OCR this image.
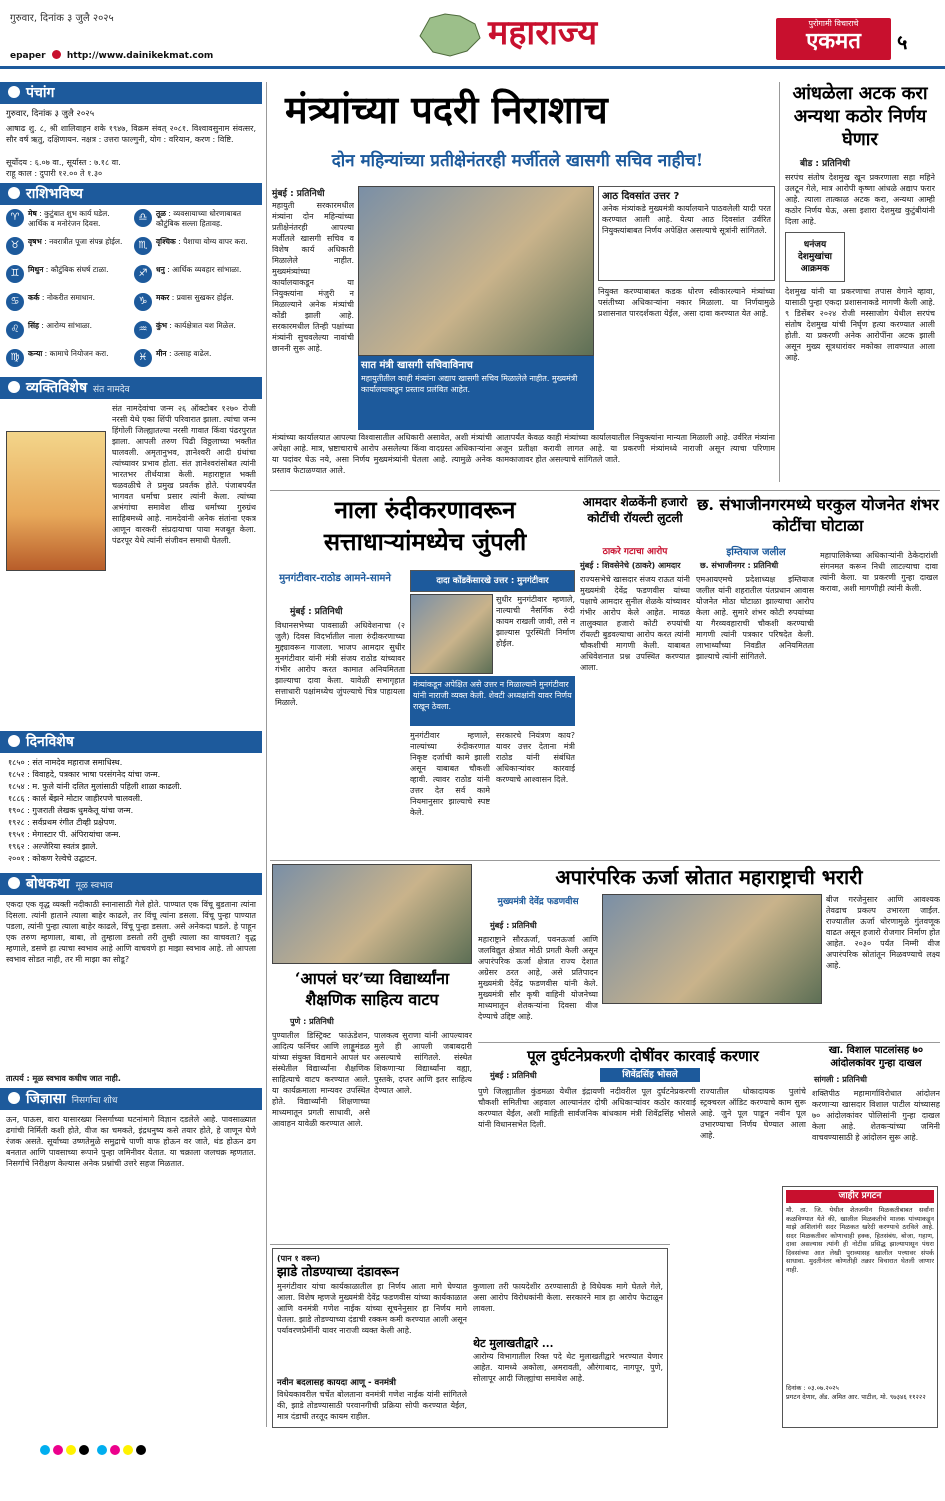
गुरुवार, दिनांक ३ जुलै २०२५
epaper http://www.dainikekmat.com
महाराज्य	पुरोगामी विचाराचे
एकमत	५
पंचांग
गुरुवार, दिनांक ३ जुलै २०२५
आषाढ शु. ८, श्री शालिवाहन शके १९४७, विक्रम संवत् २०८१. विश्वावसुनाम संवत्सर, सौर वर्ष ऋतु, दक्षिणायन. नक्षत्र : उत्तरा फाल्गुनी, योग : वरियान, करण : विष्टि.
सूर्योदय : ६.०७ वा., सूर्यास्त : ७.१८ वा.
राहू काल : दुपारी १२.०० ते १.३०
राशिभविष्य
♈	मेष : कुटुंबात शुभ कार्य घडेल. आर्थिक व मनोरंजन दिवस.	♎	तूळ : व्यवसायाच्या धोरणाबाबत कौटुंबिक सल्ला हितावह.
♉	वृषभ : नवरात्रीत पूजा संपन्न होईल.	♏	वृश्चिक : पैशाचा योग्य वापर करा.
♊	मिथुन : कौटुंबिक संघर्ष टाळा.	♐	धनु : आर्थिक व्यवहार सांभाळा.
♋	कर्क : नोकरीत समाधान.	♑	मकर : प्रवास सुखकर होईल.
♌	सिंह : आरोग्य सांभाळा.	♒	कुंभ : कार्यक्षेत्रात यश मिळेल.
♍	कन्या : कामाचे नियोजन करा.	♓	मीन : उत्साह वाढेल.
व्यक्तिविशेष संत नामदेव
संत नामदेवांचा जन्म २६ ऑक्टोबर १२७० रोजी नरसी येथे एका शिंपी परिवारात झाला. त्यांचा जन्म हिंगोली जिल्ह्यातल्या नरसी गावात किंवा पंढरपुरात झाला. आपली तरुण पिढी विठ्ठलाच्या भक्तीत घालवली. अमृतानुभव, ज्ञानेश्वरी आदी ग्रंथांचा त्यांच्यावर प्रभाव होता. संत ज्ञानेश्वरांसोबत त्यांनी भारतभर तीर्थयात्रा केली. महाराष्ट्रात भक्ती चळवळीचे ते प्रमुख प्रवर्तक होते. पंजाबपर्यंत भागवत धर्माचा प्रसार त्यांनी केला. त्यांच्या अभंगांचा समावेश शीख धर्माच्या गुरुग्रंथ साहिबमध्ये आहे. नामदेवांनी अनेक संतांना एकत्र आणून वारकरी संप्रदायाचा पाया मजबूत केला. पंढरपूर येथे त्यांनी संजीवन समाधी घेतली.
दिनविशेष
१८५० : संत नामदेव महाराज समाधिस्थ.
१८५२ : विवाहदे, पत्रकार भाषा परसंगनेद यांचा जन्म.
१८५४ : म. फुले यांनी दलित मुलांसाठी पहिली शाळा काढली.
१८८६ : कार्ल बेंझने मोटार जाहीरपणे चालवली.
१९०८ : गुजराती लेखक धुमकेतू यांचा जन्म.
१९२८ : सर्वप्रथम रंगीत टीव्ही प्रक्षेपण.
१९५१ : मेगास्टार पी. अंपिरायांचा जन्म.
१९६२ : अल्जेरिया स्वतंत्र झाले.
२००१ : कोकण रेल्वेचे उद्घाटन.
बोधकथा मूळ स्वभाव
एकदा एक वृद्ध व्यक्ती नदीकाठी स्नानासाठी गेले होते. पाण्यात एक विंचू बुडताना त्यांना दिसला. त्यांनी हाताने त्याला बाहेर काढले, तर विंचू त्यांना डसला. विंचू पुन्हा पाण्यात पडला, त्यांनी पुन्हा त्याला बाहेर काढले, विंचू पुन्हा डसला. असे अनेकदा घडले. हे पाहून एक तरुण म्हणाला, बाबा, तो तुम्हाला डसतो तरी तुम्ही त्याला का वाचवता? वृद्ध म्हणाले, डसणे हा त्याचा स्वभाव आहे आणि वाचवणे हा माझा स्वभाव आहे. तो आपला स्वभाव सोडत नाही, तर मी माझा का सोडू?
तात्पर्य : मूळ स्वभाव कधीच जात नाही.
जिज्ञासा निसर्गाचा शोध
ऊन, पाऊस, वारा यासारख्या निसर्गाच्या घटनांमागे विज्ञान दडलेले आहे. पावसाळ्यात ढगांची निर्मिती कशी होते, वीज का चमकते, इंद्रधनुष्य कसे तयार होते, हे जाणून घेणे रंजक असते. सूर्याच्या उष्णतेमुळे समुद्राचे पाणी वाफ होऊन वर जाते, थंड होऊन ढग बनतात आणि पावसाच्या रूपाने पुन्हा जमिनीवर येतात. या चक्राला जलचक्र म्हणतात. निसर्गाचे निरीक्षण केल्यास अनेक प्रश्नांची उत्तरे सहज मिळतात.
मंत्र्यांच्या पदरी निराशाच
दोन महिन्यांच्या प्रतीक्षेनंतरही मर्जीतले खासगी सचिव नाहीच!
मुंबई : प्रतिनिधी
महायुती सरकारमधील मंत्र्यांना दोन महिन्यांच्या प्रतीक्षेनंतरही आपल्या मर्जीतले खासगी सचिव व विशेष कार्य अधिकारी मिळालेले नाहीत. मुख्यमंत्र्यांच्या कार्यालयाकडून या नियुक्त्यांना मंजुरी न मिळाल्याने अनेक मंत्र्यांची कोंडी झाली आहे. सरकारमधील तिन्ही पक्षांच्या मंत्र्यांनी सुचवलेल्या नावांची छाननी सुरू आहे.
सात मंत्री खासगी सचिवाविनाच
महायुतीतील काही मंत्र्यांना अद्याप खासगी सचिव मिळालेले नाहीत. मुख्यमंत्री कार्यालयाकडून प्रस्ताव प्रलंबित आहेत.
आठ दिवसांत उत्तर ?
अनेक मंत्र्यांकडे मुख्यमंत्री कार्यालयाने पाठवलेली यादी परत करण्यात आली आहे. येत्या आठ दिवसांत उर्वरित नियुक्त्यांबाबत निर्णय अपेक्षित असल्याचे सूत्रांनी सांगितले.
नियुक्त करण्याबाबत कडक धोरण स्वीकारल्याने मंत्र्यांच्या पसंतीच्या अधिकाऱ्यांना नकार मिळाला. या निर्णयामुळे प्रशासनात पारदर्शकता येईल, असा दावा करण्यात येत आहे.
मंत्र्यांच्या कार्यालयात आपल्या विश्वासातील अधिकारी असावेत, अशी मंत्र्यांची अपेक्षा आहे. मात्र, भ्रष्टाचाराचे आरोप असलेल्या किंवा वादग्रस्त अधिकाऱ्यांना या पदांवर घेऊ नये, असा निर्णय मुख्यमंत्र्यांनी घेतला आहे. त्यामुळे अनेक प्रस्ताव फेटाळण्यात आले.
आतापर्यंत केवळ काही मंत्र्यांच्या कार्यालयातील नियुक्त्यांना मान्यता मिळाली आहे. उर्वरित मंत्र्यांना अजून प्रतीक्षा करावी लागत आहे. या प्रकरणी मंत्र्यांमध्ये नाराजी असून त्याचा परिणाम कामकाजावर होत असल्याचे सांगितले जाते.
आंधळेला अटक करा अन्यथा कठोर निर्णय घेणार
बीड : प्रतिनिधी
सरपंच संतोष देशमुख खून प्रकरणाला सहा महिने उलटून गेले, मात्र आरोपी कृष्णा आंधळे अद्याप फरार आहे. त्याला तात्काळ अटक करा, अन्यथा आम्ही कठोर निर्णय घेऊ, असा इशारा देशमुख कुटुंबीयांनी दिला आहे.
धनंजय देशमुखांचा आक्रमक
देशमुख यांनी या प्रकरणाचा तपास वेगाने व्हावा, यासाठी पुन्हा एकदा प्रशासनाकडे मागणी केली आहे. ९ डिसेंबर २०२४ रोजी मस्साजोग येथील सरपंच संतोष देशमुख यांची निर्घृण हत्या करण्यात आली होती. या प्रकरणी अनेक आरोपींना अटक झाली असून मुख्य सूत्रधारांवर मकोका लावण्यात आला आहे.
नाला रुंदीकरणावरून सत्ताधाऱ्यांमध्येच जुंपली
मुनगंटीवार-राठोड आमने-सामने
मुंबई : प्रतिनिधी
विधानसभेच्या पावसाळी अधिवेशनाचा (२ जुलै) दिवस विदर्भातील नाला रुंदीकरणाच्या मुद्द्यावरून गाजला. भाजप आमदार सुधीर मुनगंटीवार यांनी मंत्री संजय राठोड यांच्यावर गंभीर आरोप करत कामात अनियमितता झाल्याचा दावा केला. यावेळी सभागृहात सत्ताधारी पक्षांमध्येच जुंपल्याचे चित्र पाहायला मिळाले.
दादा कोंडकेंसारखे उत्तर : मुनगंटीवार
सुधीर मुनगंटीवार म्हणाले, नाल्याची नैसर्गिक रुंदी कायम राखली जावी, तसे न झाल्यास पूरस्थिती निर्माण होईल.
मंत्र्यांकडून अपेक्षित असे उत्तर न मिळाल्याने मुनगंटीवार यांनी नाराजी व्यक्त केली. शेवटी अध्यक्षांनी यावर निर्णय राखून ठेवला.
मुनगंटीवार म्हणाले, नाल्यांच्या रुंदीकरणात निकृष्ट दर्जाची कामे झाली असून याबाबत चौकशी व्हावी. त्यावर राठोड यांनी उत्तर देत सर्व कामे नियमानुसार झाल्याचे स्पष्ट केले.
सरकारचे नियंत्रण काय? यावर उत्तर देताना मंत्री राठोड यांनी संबंधित अधिकाऱ्यांवर कारवाई करण्याचे आश्वासन दिले.
आमदार शेळकेंनी हजारो कोटींची रॉयल्टी लुटली
ठाकरे गटाचा आरोप
मुंबई : शिवसेनेचे (ठाकरे) आमदार
राज्यसभेचे खासदार संजय राऊत यांनी मुख्यमंत्री देवेंद्र फडणवीस यांच्या पक्षाचे आमदार सुनील शेळके यांच्यावर गंभीर आरोप केले आहेत. मावळ तालुक्यात हजारो कोटी रुपयांची रॉयल्टी बुडवल्याचा आरोप करत त्यांनी चौकशीची मागणी केली. याबाबत अधिवेशनात प्रश्न उपस्थित करण्यात आला.
छ. संभाजीनगरमध्ये घरकुल योजनेत शंभर कोटींचा घोटाळा
इम्तियाज जलील
छ. संभाजीनगर : प्रतिनिधी
एमआयएमचे प्रदेशाध्यक्ष इम्तियाज जलील यांनी शहरातील पंतप्रधान आवास योजनेत मोठा घोटाळा झाल्याचा आरोप केला आहे. सुमारे शंभर कोटी रुपयांच्या या गैरव्यवहाराची चौकशी करण्याची मागणी त्यांनी पत्रकार परिषदेत केली. लाभार्थ्यांच्या निवडीत अनियमितता झाल्याचे त्यांनी सांगितले.
महापालिकेच्या अधिकाऱ्यांनी ठेकेदारांशी संगनमत करून निधी लाटल्याचा दावा त्यांनी केला. या प्रकरणी गुन्हा दाखल करावा, अशी मागणीही त्यांनी केली.
‘आपलं घर’च्या विद्यार्थ्यांना शैक्षणिक साहित्य वाटप
पुणे : प्रतिनिधी
पुण्यातील डिस्ट्रिक्ट फाऊंडेशन, आदित्य फर्निचर आणि लाड्डूमंडळ यांच्या संयुक्त विद्यमाने आपलं घर संस्थेतील विद्यार्थ्यांना शैक्षणिक साहित्याचे वाटप करण्यात आले. या कार्यक्रमाला मान्यवर उपस्थित होते. विद्यार्थ्यांनी शिक्षणाच्या माध्यमातून प्रगती साधावी, असे आवाहन यावेळी करण्यात आले.
पालकत्व सुराणा यांनी आपल्यावर मुले ही आपली जबाबदारी असल्याचे सांगितले. संस्थेत शिकणाऱ्या विद्यार्थ्यांना वह्या, पुस्तके, दप्तर आणि इतर साहित्य देण्यात आले.
अपारंपरिक ऊर्जा स्रोतात महाराष्ट्राची भरारी
मुख्यमंत्री देवेंद्र फडणवीस
मुंबई : प्रतिनिधी
महाराष्ट्राने सौरऊर्जा, पवनऊर्जा आणि जलविद्युत क्षेत्रात मोठी प्रगती केली असून अपारंपरिक ऊर्जा क्षेत्रात राज्य देशात अग्रेसर ठरत आहे, असे प्रतिपादन मुख्यमंत्री देवेंद्र फडणवीस यांनी केले. मुख्यमंत्री सौर कृषी वाहिनी योजनेच्या माध्यमातून शेतकऱ्यांना दिवसा वीज देण्याचे उद्दिष्ट आहे.
बीज गरजेनुसार आणि आवश्यक तेवढाच प्रकल्प उभारला जाईल. राज्यातील ऊर्जा धोरणामुळे गुंतवणूक वाढत असून हजारो रोजगार निर्माण होत आहेत. २०३० पर्यंत निम्मी वीज अपारंपरिक स्रोतांतून मिळवण्याचे लक्ष्य आहे.
पूल दुर्घटनेप्रकरणी दोषींवर कारवाई करणार
शिवेंद्रसिंह भोसले
मुंबई : प्रतिनिधी
पुणे जिल्ह्यातील कुंडमळा येथील इंद्रायणी नदीवरील पूल दुर्घटनेप्रकरणी चौकशी समितीचा अहवाल आल्यानंतर दोषी अधिकाऱ्यांवर कठोर कारवाई करण्यात येईल, अशी माहिती सार्वजनिक बांधकाम मंत्री शिवेंद्रसिंह भोसले यांनी विधानसभेत दिली.
राज्यातील धोकादायक पुलांचे स्ट्रक्चरल ऑडिट करण्याचे काम सुरू आहे. जुने पूल पाडून नवीन पूल उभारण्याचा निर्णय घेण्यात आला आहे.
खा. विशाल पाटलांसह ७० आंदोलकांवर गुन्हा दाखल
सांगली : प्रतिनिधी
शक्तिपीठ महामार्गाविरोधात आंदोलन करणाऱ्या खासदार विशाल पाटील यांच्यासह ७० आंदोलकांवर पोलिसांनी गुन्हा दाखल केला आहे. शेतकऱ्यांच्या जमिनी वाचवण्यासाठी हे आंदोलन सुरू आहे.
(पान १ वरून)
झाडे तोडण्याच्या दंडावरून
मुनगंटीवार यांचा कार्यकाळातील हा निर्णय आता मागे घेण्यात आला. विशेष म्हणजे मुख्यमंत्री देवेंद्र फडणवीस यांच्या कार्यकाळात आणि वनमंत्री गणेश नाईक यांच्या सूचनेनुसार हा निर्णय मागे घेतला. झाडे तोडण्याच्या दंडाची रक्कम कमी करण्यात आली असून पर्यावरणप्रेमींनी यावर नाराजी व्यक्त केली आहे.
नवीन बदलासह कायदा आणू - वनमंत्री
विधेयकावरील चर्चेत बोलताना वनमंत्री गणेश नाईक यांनी सांगितले की, झाडे तोडण्यासाठी परवानगीची प्रक्रिया सोपी करण्यात येईल, मात्र दंडाची तरतूद कायम राहील.
कुणाला तरी फायदेशीर ठरण्यासाठी हे विधेयक मागे घेतले गेले, असा आरोप विरोधकांनी केला. सरकारने मात्र हा आरोप फेटाळून लावला.
थेट मुलाखतीद्वारे ...
आरोग्य विभागातील रिक्त पदे थेट मुलाखतीद्वारे भरण्यात येणार आहेत. यामध्ये अकोला, अमरावती, औरंगाबाद, नागपूर, पुणे, सोलापूर आदी जिल्ह्यांचा समावेश आहे.
जाहीर प्रगटन
मौ. ता. जि. येथील शेतजमीन मिळकतीबाबत सर्वांना कळविण्यात येते की, खालील मिळकतीचे मालक यांच्याकडून माझे अशिलांनी सदर मिळकत खरेदी करण्याचे ठरविले आहे. सदर मिळकतीवर कोणाचाही हक्क, हितसंबंध, बोजा, गहाण, दावा असल्यास त्यांनी ही नोटीस प्रसिद्ध झाल्यापासून पंधरा दिवसांच्या आत लेखी पुराव्यासह खालील पत्त्यावर संपर्क साधावा. मुदतीनंतर कोणतीही तक्रार विचारात घेतली जाणार नाही.
दिनांक : ०३.०७.२०२५
प्रगटन देणार, अ‍ॅड. अमित आर. पाटील, मो. ९७३४६ ११२२२
